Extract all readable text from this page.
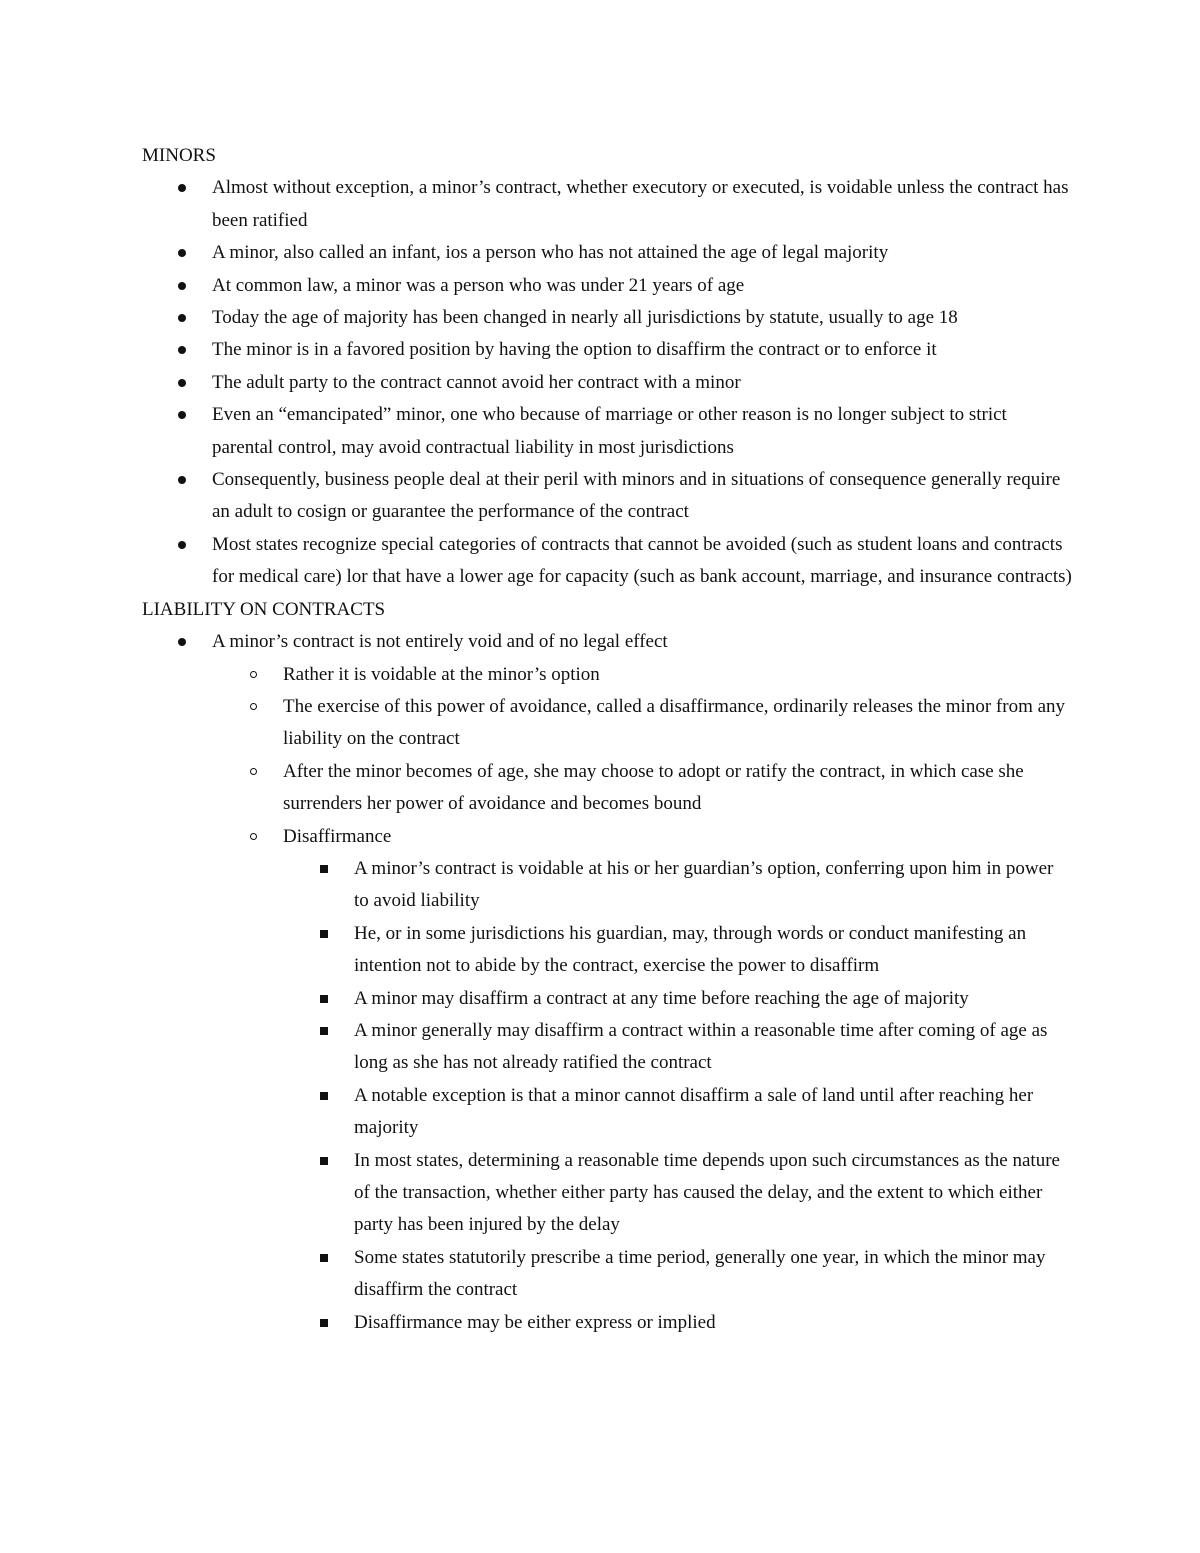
MINORS
Almost without exception, a minor’s contract, whether executory or executed, is voidable unless the contract has been ratified
A minor, also called an infant, ios a person who has not attained the age of legal majority
At common law, a minor was a person who was under 21 years of age
Today the age of majority has been changed in nearly all jurisdictions by statute, usually to age 18
The minor is in a favored position by having the option to disaffirm the contract or to enforce it
The adult party to the contract cannot avoid her contract with a minor
Even an “emancipated” minor, one who because of marriage or other reason is no longer subject to strict parental control, may avoid contractual liability in most jurisdictions
Consequently, business people deal at their peril with minors and in situations of consequence generally require an adult to cosign or guarantee the performance of the contract
Most states recognize special categories of contracts that cannot be avoided (such as student loans and contracts for medical care) lor that have a lower age for capacity (such as bank account, marriage, and insurance contracts)
LIABILITY ON CONTRACTS
A minor’s contract is not entirely void and of no legal effect
Rather it is voidable at the minor’s option
The exercise of this power of avoidance, called a disaffirmance, ordinarily releases the minor from any liability on the contract
After the minor becomes of age, she may choose to adopt or ratify the contract, in which case she surrenders her power of avoidance and becomes bound
Disaffirmance
A minor’s contract is voidable at his or her guardian’s option, conferring upon him in power to avoid liability
He, or in some jurisdictions his guardian, may, through words or conduct manifesting an intention not to abide by the contract, exercise the power to disaffirm
A minor may disaffirm a contract at any time before reaching the age of majority
A minor generally may disaffirm a contract within a reasonable time after coming of age as long as she has not already ratified the contract
A notable exception is that a minor cannot disaffirm a sale of land until after reaching her majority
In most states, determining a reasonable time depends upon such circumstances as the nature of the transaction, whether either party has caused the delay, and the extent to which either party has been injured by the delay
Some states statutorily prescribe a time period, generally one year, in which the minor may disaffirm the contract
Disaffirmance may be either express or implied
